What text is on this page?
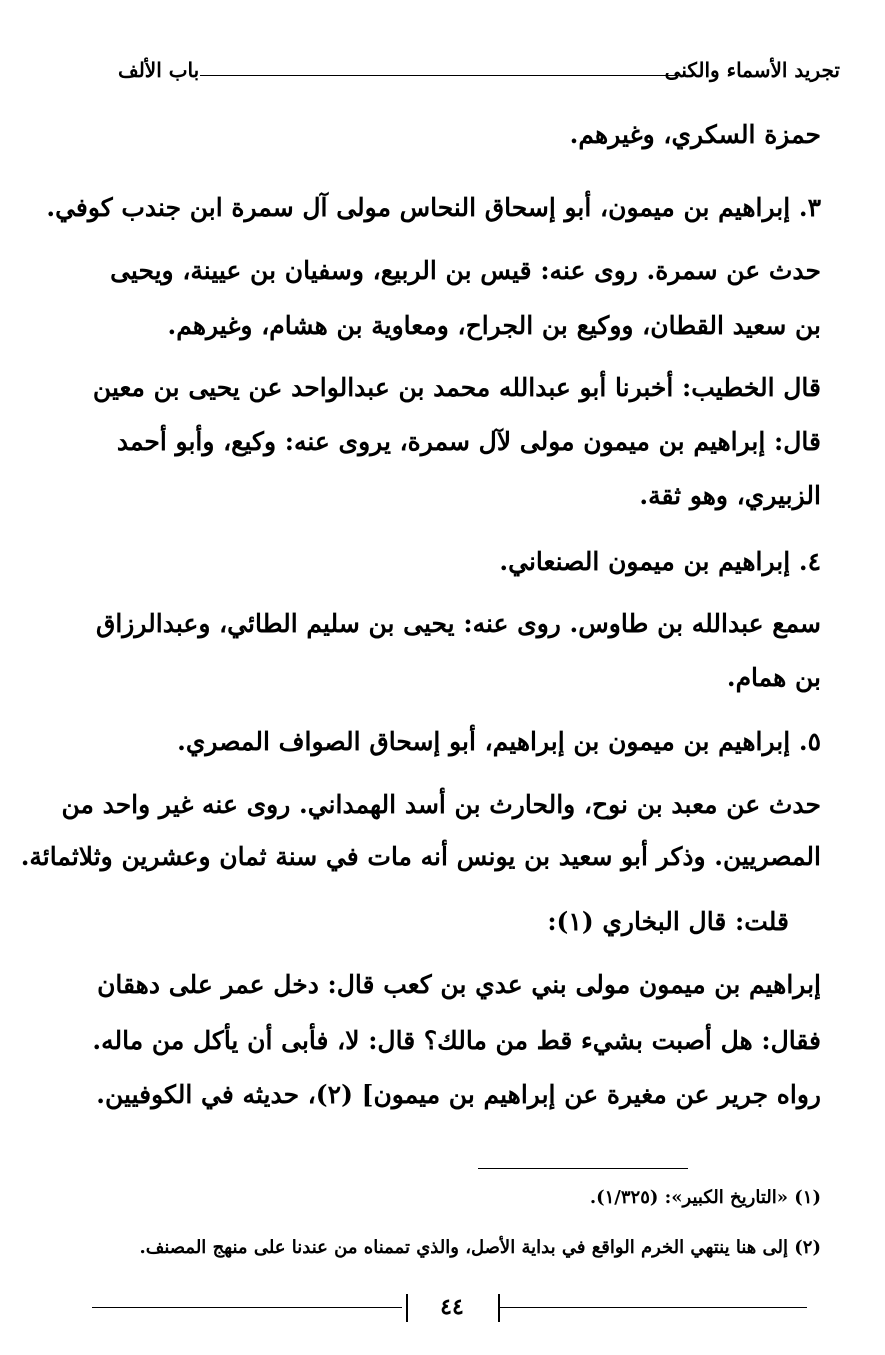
تجريد الأسماء والكنى
باب الألف
حمزة السكري، وغيرهم.
٣. إبراهيم بن ميمون، أبو إسحاق النحاس مولى آل سمرة ابن جندب كوفي.
حدث عن سمرة. روى عنه: قيس بن الربيع، وسفيان بن عيينة، ويحيى
بن سعيد القطان، ووكيع بن الجراح، ومعاوية بن هشام، وغيرهم.
قال الخطيب: أخبرنا أبو عبدالله محمد بن عبدالواحد عن يحيى بن معين
قال: إبراهيم بن ميمون مولى لآل سمرة، يروى عنه: وكيع، وأبو أحمد
الزبيري، وهو ثقة.
٤. إبراهيم بن ميمون الصنعاني.
سمع عبدالله بن طاوس. روى عنه: يحيى بن سليم الطائي، وعبدالرزاق
بن همام.
٥. إبراهيم بن ميمون بن إبراهيم، أبو إسحاق الصواف المصري.
حدث عن معبد بن نوح، والحارث بن أسد الهمداني. روى عنه غير واحد من
المصريين. وذكر أبو سعيد بن يونس أنه مات في سنة ثمان وعشرين وثلاثمائة.
قلت: قال البخاري (١):
إبراهيم بن ميمون مولى بني عدي بن كعب قال: دخل عمر على دهقان
فقال: هل أصبت بشيء قط من مالك؟ قال: لا، فأبى أن يأكل من ماله.
رواه جرير عن مغيرة عن إبراهيم بن ميمون] (٢)، حديثه في الكوفيين.
(١) «التاريخ الكبير»: (١/٣٢٥).
(٢) إلى هنا ينتهي الخرم الواقع في بداية الأصل، والذي تممناه من عندنا على منهج المصنف.
٤٤
